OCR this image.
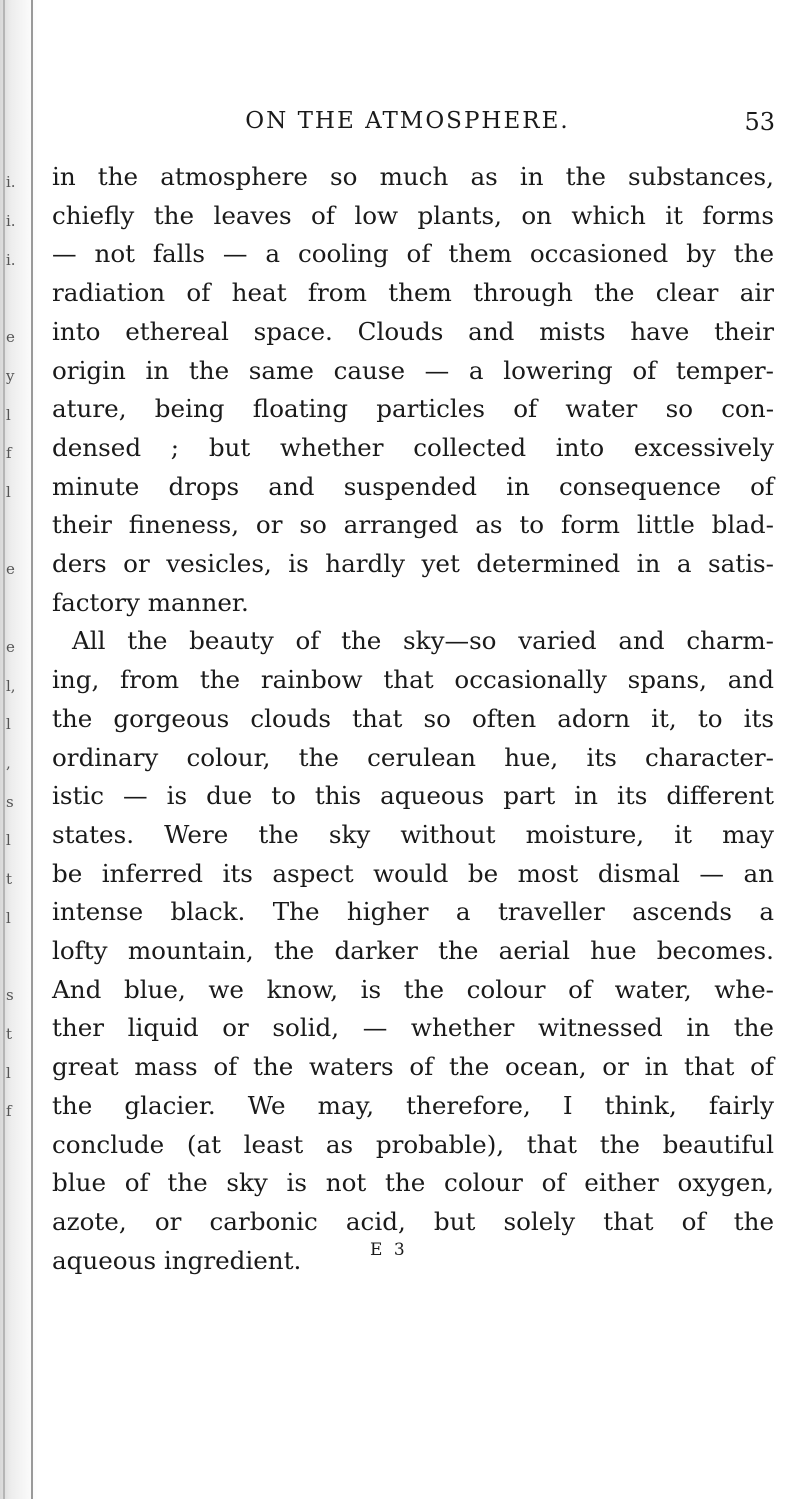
i.
i.
i.
e
y
l
f
l
e
e
l,
l
,
s
l
t
l
s
t
l
f
ON THE ATMOSPHERE.	53
in the atmosphere so much as in the substances,
chiefly the leaves of low plants, on which it forms
— not falls — a cooling of them occasioned by the
radiation of heat from them through the clear air
into ethereal space. Clouds and mists have their
origin in the same cause — a lowering of temper-
ature, being floating particles of water so con-
densed ; but whether collected into excessively
minute drops and suspended in consequence of
their fineness, or so arranged as to form little blad-
ders or vesicles, is hardly yet determined in a satis-
factory manner.
All the beauty of the sky—so varied and charm-
ing, from the rainbow that occasionally spans, and
the gorgeous clouds that so often adorn it, to its
ordinary colour, the cerulean hue, its character-
istic — is due to this aqueous part in its different
states. Were the sky without moisture, it may
be inferred its aspect would be most dismal — an
intense black. The higher a traveller ascends a
lofty mountain, the darker the aerial hue becomes.
And blue, we know, is the colour of water, whe-
ther liquid or solid, — whether witnessed in the
great mass of the waters of the ocean, or in that of
the glacier. We may, therefore, I think, fairly
conclude (at least as probable), that the beautiful
blue of the sky is not the colour of either oxygen,
azote, or carbonic acid, but solely that of the
aqueous ingredient.	E 3
